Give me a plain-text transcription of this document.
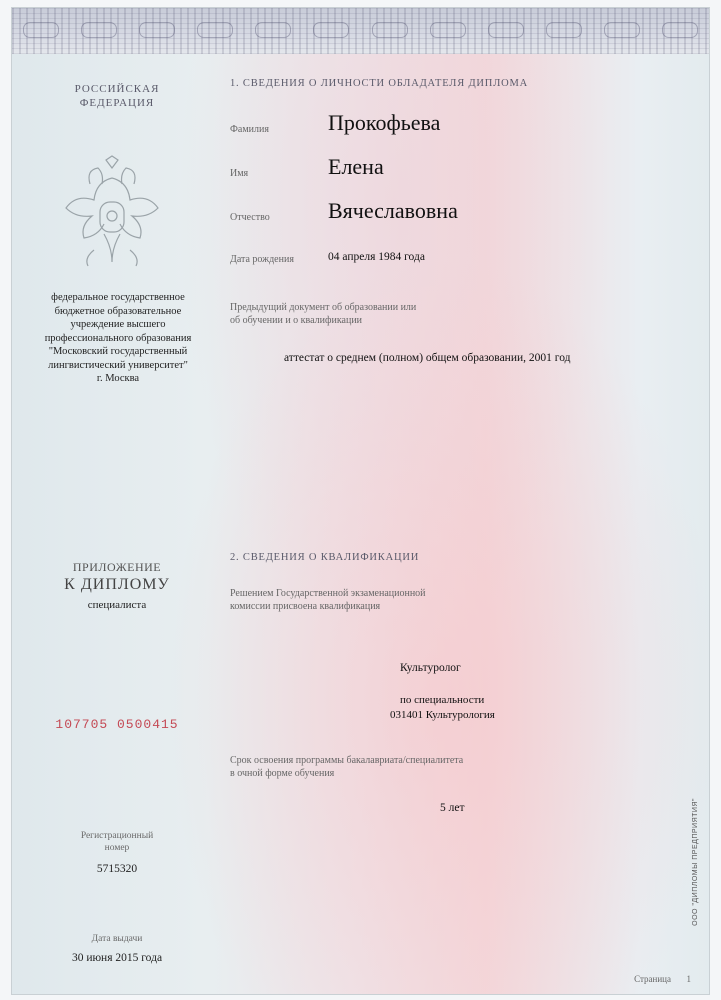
РОССИЙСКАЯ
ФЕДЕРАЦИЯ
федеральное государственное
бюджетное образовательное
учреждение высшего
профессионального образования
"Московский государственный
лингвистический университет"
г. Москва
ПРИЛОЖЕНИЕ
К ДИПЛОМУ
специалиста
107705 0500415
Регистрационный
номер
5715320
Дата выдачи
30 июня 2015 года
1. СВЕДЕНИЯ О ЛИЧНОСТИ ОБЛАДАТЕЛЯ ДИПЛОМА
Фамилия	Прокофьева
Имя	Елена
Отчество	Вячеславовна
Дата рождения	04 апреля 1984 года
Предыдущий документ об образовании или
об обучении и о квалификации
аттестат о среднем (полном) общем образовании, 2001 год
2. СВЕДЕНИЯ О КВАЛИФИКАЦИИ
Решением Государственной экзаменационной
комиссии присвоена квалификация
Культуролог
по специальности
031401 Культурология
Срок освоения программы бакалавриата/специалитета
в очной форме обучения
5 лет	ООО "ДИПЛОМЫ ПРЕДПРИЯТИЯ"
Страница 1
